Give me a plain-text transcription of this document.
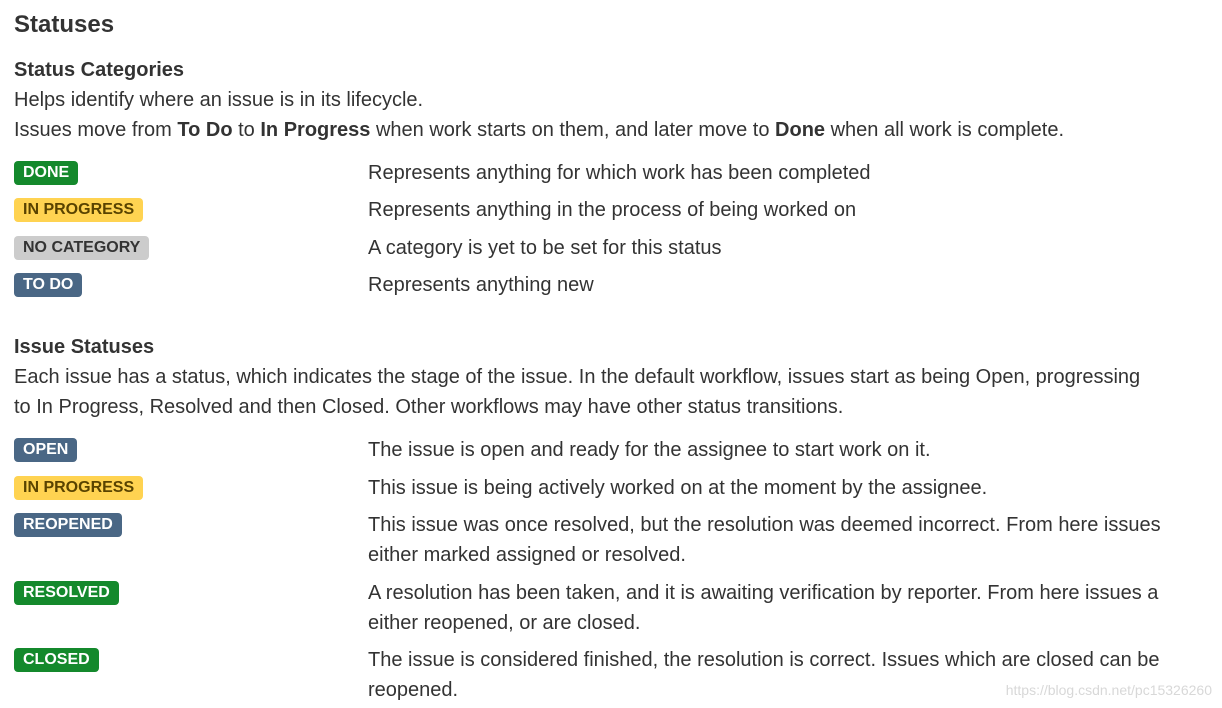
Statuses
Status Categories
Helps identify where an issue is in its lifecycle.
Issues move from To Do to In Progress when work starts on them, and later move to Done when all work is complete.
DONE	Represents anything for which work has been completed
IN PROGRESS	Represents anything in the process of being worked on
NO CATEGORY	A category is yet to be set for this status
TO DO	Represents anything new
Issue Statuses
Each issue has a status, which indicates the stage of the issue. In the default workflow, issues start as being Open, progressing
to In Progress, Resolved and then Closed. Other workflows may have other status transitions.
OPEN	The issue is open and ready for the assignee to start work on it.
IN PROGRESS	This issue is being actively worked on at the moment by the assignee.
REOPENED	This issue was once resolved, but the resolution was deemed incorrect. From here issues
either marked assigned or resolved.
RESOLVED	A resolution has been taken, and it is awaiting verification by reporter. From here issues a
either reopened, or are closed.
CLOSED	The issue is considered finished, the resolution is correct. Issues which are closed can be
reopened.	https://blog.csdn.net/pc15326260
